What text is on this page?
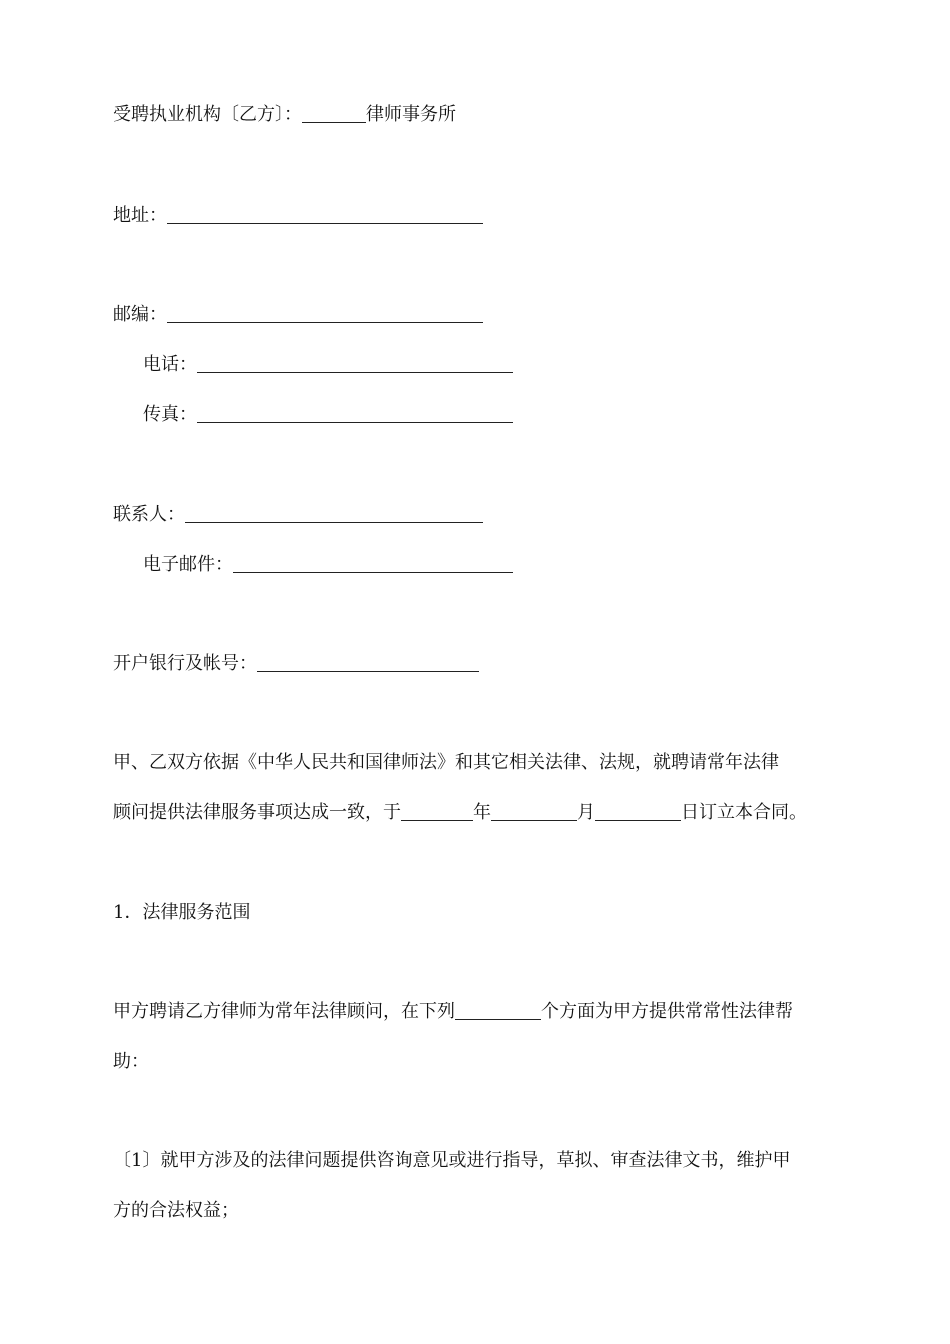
受聘执业机构〔乙方〕：	律师事务所
地址：
邮编：
电话：
传真：
联系人：
电子邮件：
开户银行及帐号：
甲、乙双方依据《中华人民共和国律师法》和其它相关法律、法规，就聘请常年法律
顾问提供法律服务事项达成一致，于	年	月	日订立本合同。
1．法律服务范围
甲方聘请乙方律师为常年法律顾问，在下列	个方面为甲方提供常常性法律帮
助：
〔1〕就甲方涉及的法律问题提供咨询意见或进行指导，草拟、审查法律文书，维护甲
方的合法权益；
